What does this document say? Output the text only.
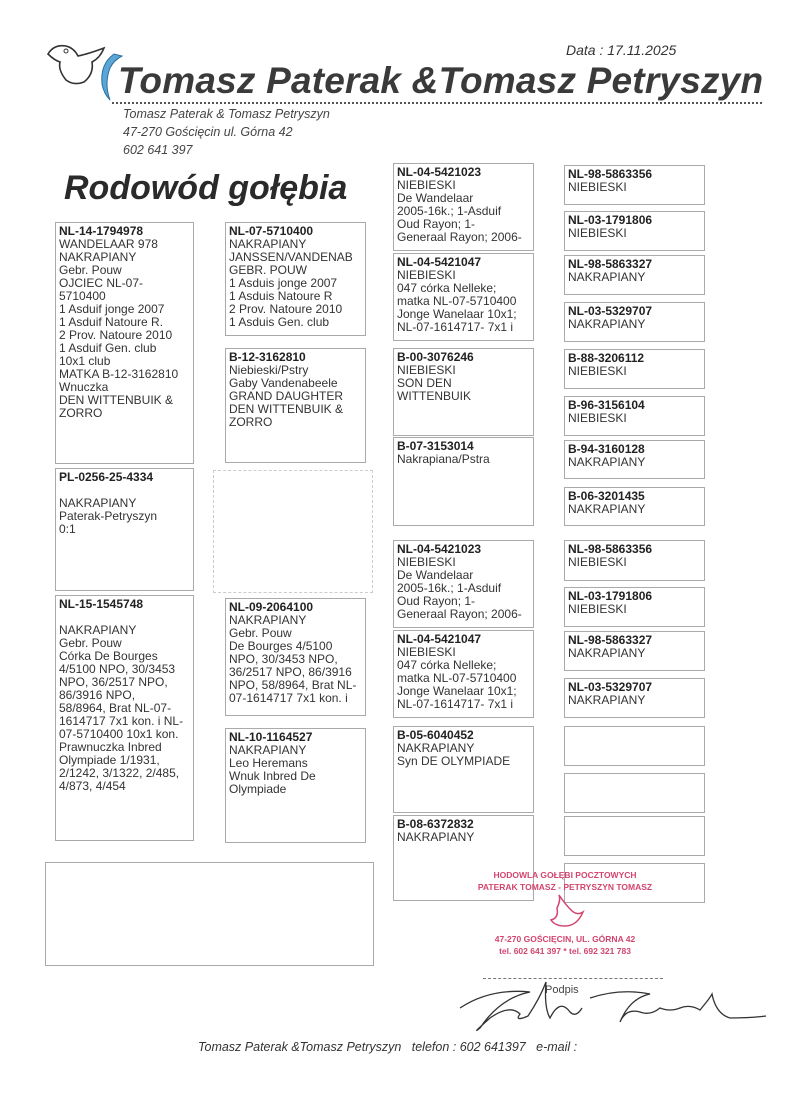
Data : 17.11.2025
Tomasz Paterak &Tomasz Petryszyn
Tomasz Paterak & Tomasz Petryszyn
47-270 Gościęcin ul. Górna 42
602 641 397
Rodowód gołębia
NL-14-1794978
WANDELAAR 978
NAKRAPIANY
Gebr. Pouw
OJCIEC NL-07-
5710400
1 Asduif jonge 2007
1 Asduif Natoure R.
2 Prov. Natoure 2010
1 Asduif Gen. club
10x1 club
MATKA B-12-3162810
Wnuczka
DEN WITTENBUIK &
ZORRO
PL-0256-25-4334
NAKRAPIANY
Paterak-Petryszyn
0:1
NL-15-1545748
NAKRAPIANY
Gebr. Pouw
Córka De Bourges
4/5100 NPO, 30/3453
NPO, 36/2517 NPO,
86/3916 NPO,
58/8964, Brat NL-07-
1614717 7x1 kon. i NL-
07-5710400 10x1 kon.
Prawnuczka Inbred
Olympiade 1/1931,
2/1242, 3/1322, 2/485,
4/873, 4/454
NL-07-5710400
NAKRAPIANY
JANSSEN/VANDENAB
GEBR. POUW
1 Asduis jonge 2007
1 Asduis Natoure R
2 Prov. Natoure 2010
1 Asduis Gen. club
B-12-3162810
Niebieski/Pstry
Gaby Vandenabeele
GRAND DAUGHTER
DEN WITTENBUIK &
ZORRO
NL-09-2064100
NAKRAPIANY
Gebr. Pouw
De Bourges 4/5100
NPO, 30/3453 NPO,
36/2517 NPO, 86/3916
NPO, 58/8964, Brat NL-
07-1614717 7x1 kon. i
NL-10-1164527
NAKRAPIANY
Leo Heremans
Wnuk Inbred De
Olympiade
NL-04-5421023
NIEBIESKI
De Wandelaar
2005-16k.; 1-Asduif
Oud Rayon; 1-
Generaal Rayon; 2006-
NL-04-5421047
NIEBIESKI
047 córka Nelleke;
matka NL-07-5710400
Jonge Wanelaar 10x1;
NL-07-1614717- 7x1 i
B-00-3076246
NIEBIESKI
SON DEN
WITTENBUIK
B-07-3153014
Nakrapiana/Pstra
NL-04-5421023
NIEBIESKI
De Wandelaar
2005-16k.; 1-Asduif
Oud Rayon; 1-
Generaal Rayon; 2006-
NL-04-5421047
NIEBIESKI
047 córka Nelleke;
matka NL-07-5710400
Jonge Wanelaar 10x1;
NL-07-1614717- 7x1 i
B-05-6040452
NAKRAPIANY
Syn DE OLYMPIADE
B-08-6372832
NAKRAPIANY
NL-98-5863356
NIEBIESKI
NL-03-1791806
NIEBIESKI
NL-98-5863327
NAKRAPIANY
NL-03-5329707
NAKRAPIANY
B-88-3206112
NIEBIESKI
B-96-3156104
NIEBIESKI
B-94-3160128
NAKRAPIANY
B-06-3201435
NAKRAPIANY
NL-98-5863356
NIEBIESKI
NL-03-1791806
NIEBIESKI
NL-98-5863327
NAKRAPIANY
NL-03-5329707
NAKRAPIANY
HODOWLA GOŁĘBI POCZTOWYCH
PATERAK TOMASZ - PETRYSZYN TOMASZ
47-270 GOŚCIĘCIN, UL. GÓRNA 42
tel. 602 641 397 * tel. 692 321 783
Podpis
Tomasz Paterak &Tomasz Petryszyn   telefon : 602 641397   e-mail :
